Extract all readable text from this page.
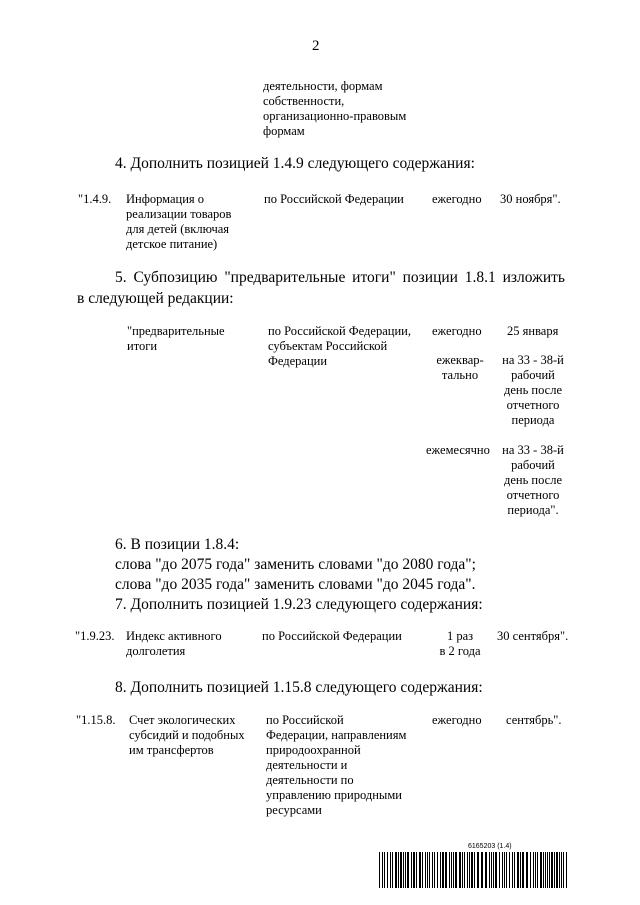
2
деятельности, формам
собственности,
организационно-правовым
формам
4. Дополнить позицией 1.4.9 следующего содержания:
"1.4.9. Информация о
реализации товаров
для детей (включая
детское питание)
по Российской Федерации ежегодно 30 ноября".
5. Субпозицию "предварительные итоги" позиции 1.8.1 изложить
в следующей редакции:
"предварительные
итоги
по Российской Федерации,
субъектам Российской
Федерации
ежегодно 25 января
ежеквар-
тально
на 33 - 38-й
рабочий
день после
отчетного
периода
ежемесячно на 33 - 38-й
рабочий
день после
отчетного
периода".
6. В позиции 1.8.4:
слова "до 2075 года" заменить словами "до 2080 года";
слова "до 2035 года" заменить словами "до 2045 года".
7. Дополнить позицией 1.9.23 следующего содержания:
"1.9.23. Индекс активного
долголетия
по Российской Федерации	1 раз
в 2 года
30 сентября".
8. Дополнить позицией 1.15.8 следующего содержания:
"1.15.8. Счет экологических
субсидий и подобных
им трансфертов
по Российской
Федерации, направлениям
природоохранной
деятельности и
деятельности по
управлению природными
ресурсами
ежегодно сентябрь".
6165203 (1.4)
